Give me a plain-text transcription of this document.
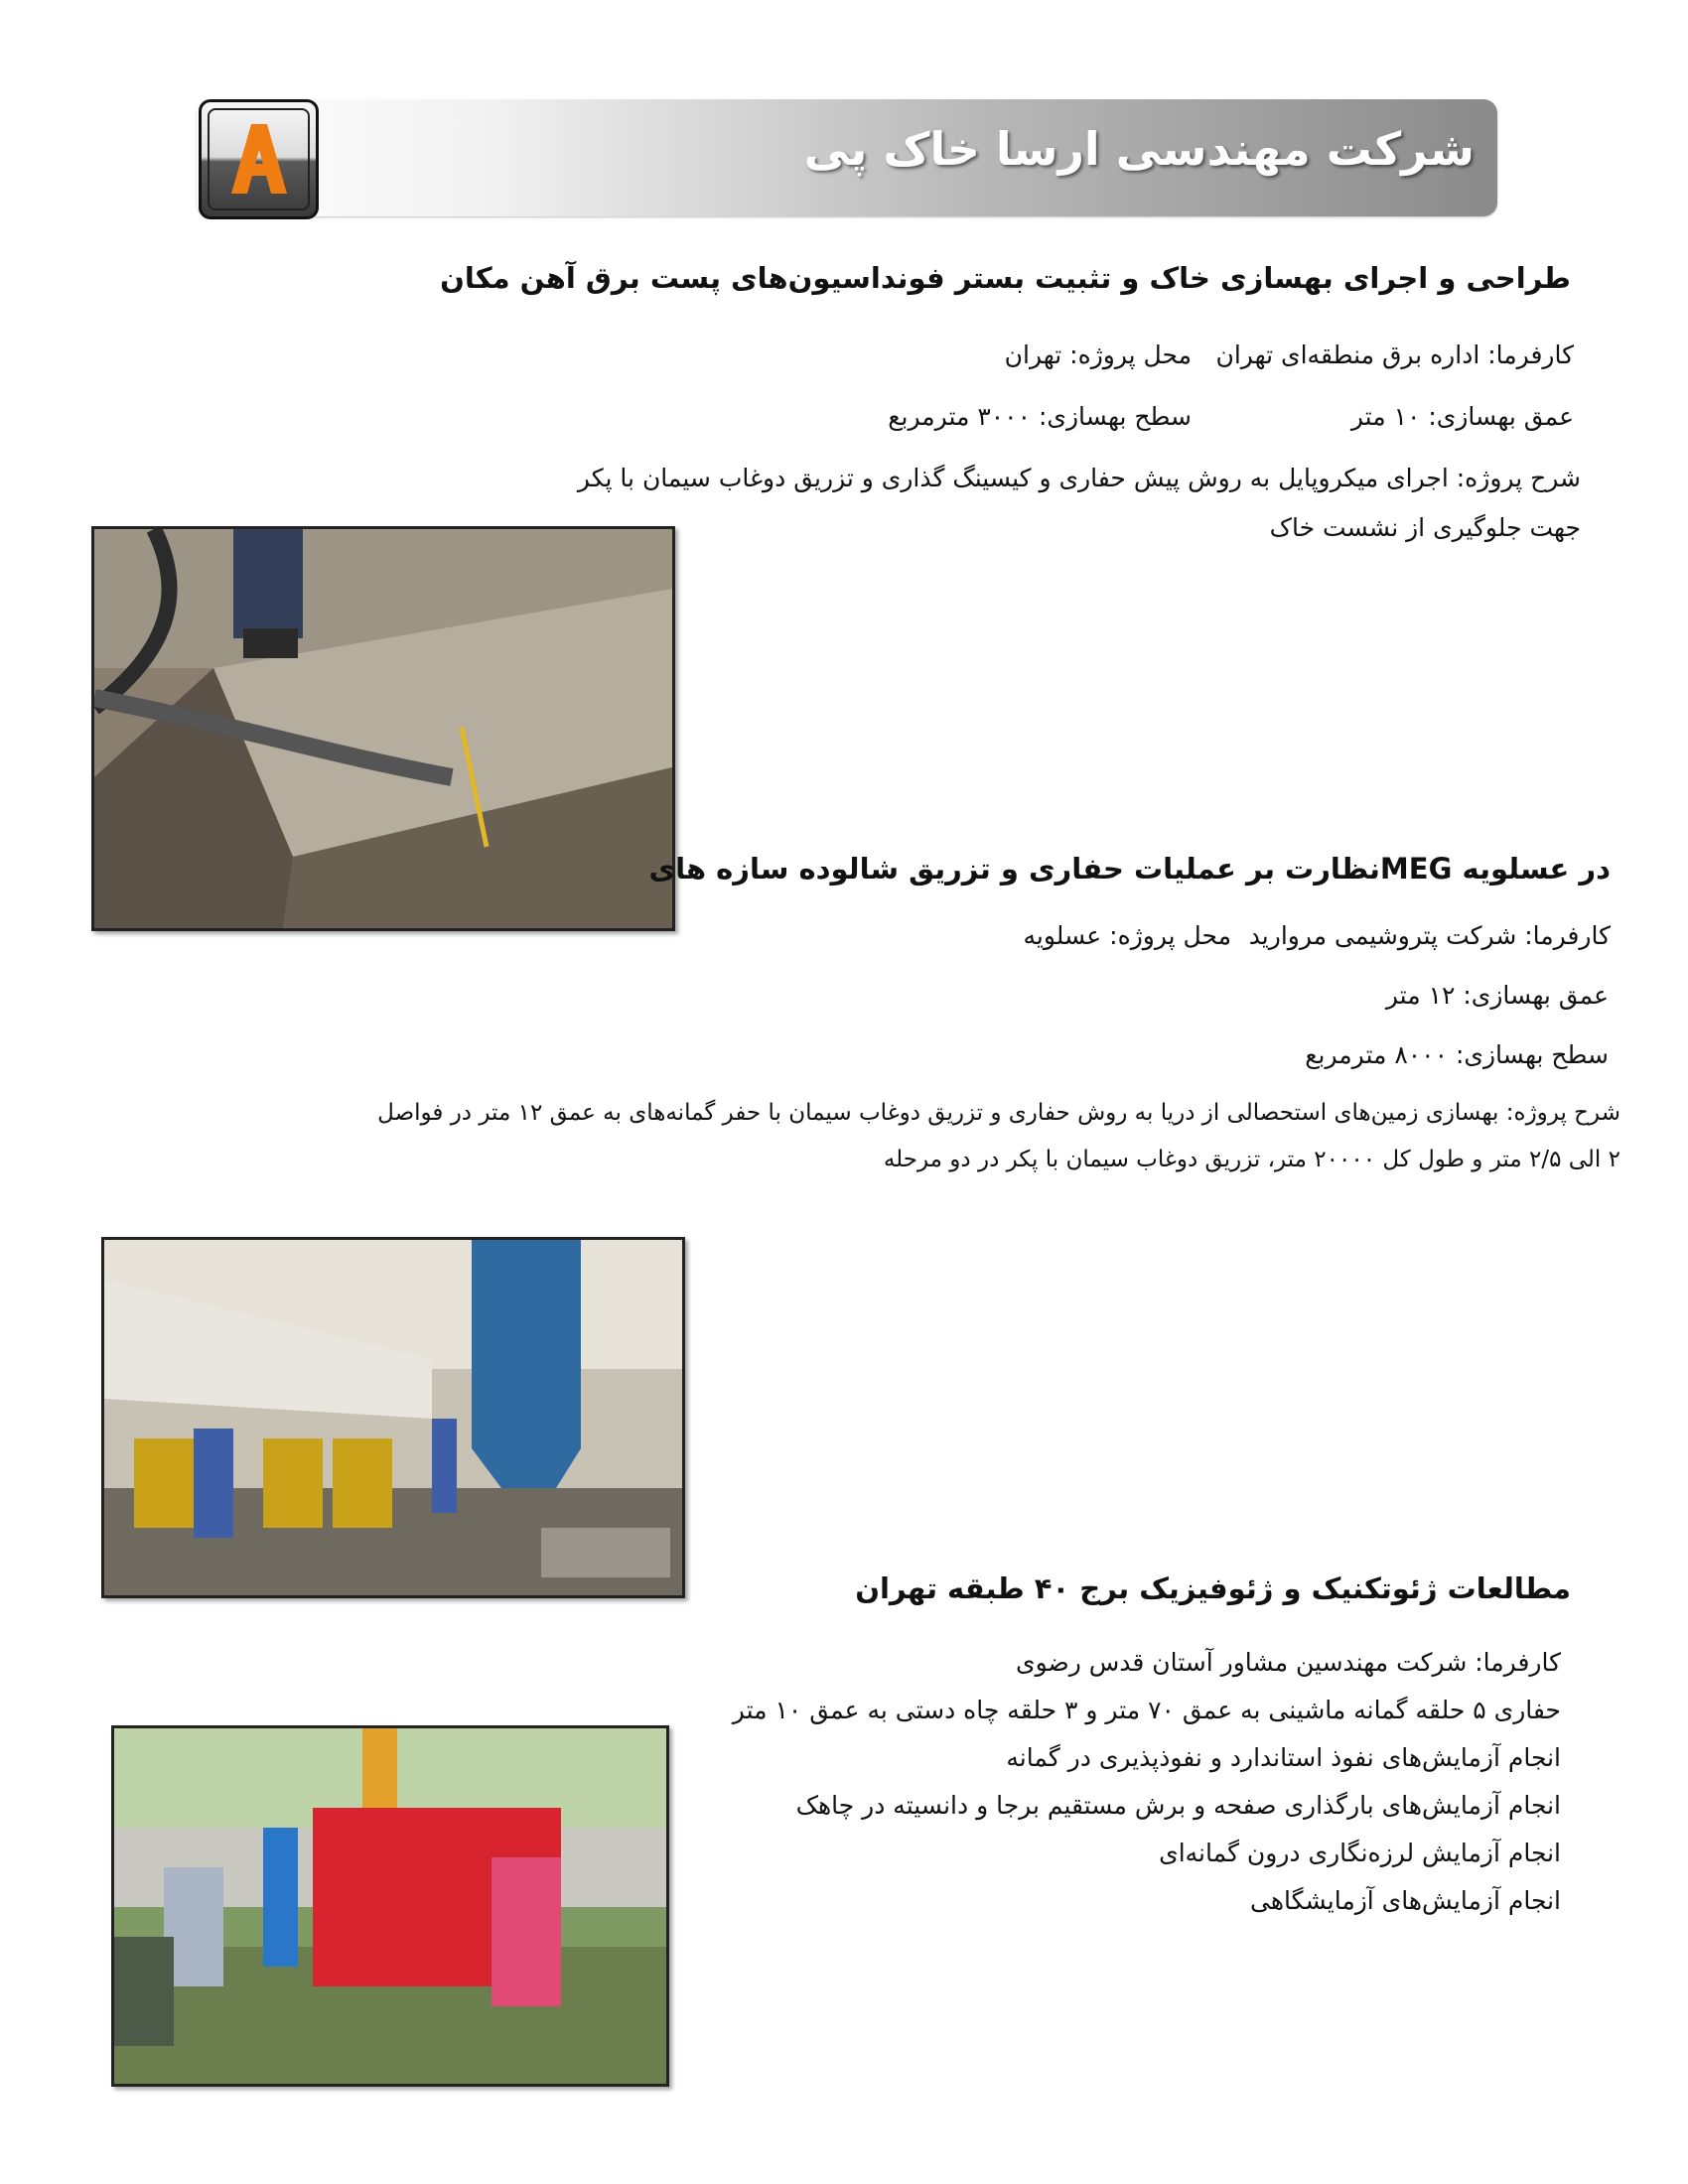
شرکت مهندسی ارسا خاک پی
طراحی و اجرای بهسازی خاک و تثبیت بستر فونداسیون‌های پست برق آهن مکان
کارفرما: اداره برق منطقه‌ای تهران
محل پروژه: تهران
عمق بهسازی: ۱۰ متر
سطح بهسازی: ۳۰۰۰ مترمربع
شرح پروژه: اجرای میکروپایل به روش پیش حفاری و کیسینگ گذاری و تزریق دوغاب سیمان با پکر
جهت جلوگیری از نشست خاک
در عسلویه MEGنظارت بر عملیات حفاری و تزریق شالوده سازه های
کارفرما: شرکت پتروشیمی مروارید
محل پروژه: عسلویه
عمق بهسازی: ۱۲ متر
سطح بهسازی: ۸۰۰۰ مترمربع
شرح پروژه: بهسازی زمین‌های استحصالی از دریا به روش حفاری و تزریق دوغاب سیمان با حفر گمانه‌های به عمق ۱۲ متر در فواصل
۲ الی ۲/۵ متر و طول کل ۲۰۰۰۰ متر، تزریق دوغاب سیمان با پکر در دو مرحله
مطالعات ژئوتکنیک و ژئوفیزیک برج ۴۰ طبقه تهران
کارفرما: شرکت مهندسین مشاور آستان قدس رضوی
حفاری ۵ حلقه گمانه ماشینی به عمق ۷۰ متر و ۳ حلقه چاه دستی به عمق ۱۰ متر
انجام آزمایش‌های نفوذ استاندارد و نفوذپذیری در گمانه
انجام آزمایش‌های بارگذاری صفحه و برش مستقیم برجا و دانسیته در چاهک
انجام آزمایش لرزه‌نگاری درون گمانه‌ای
انجام آزمایش‌های آزمایشگاهی
